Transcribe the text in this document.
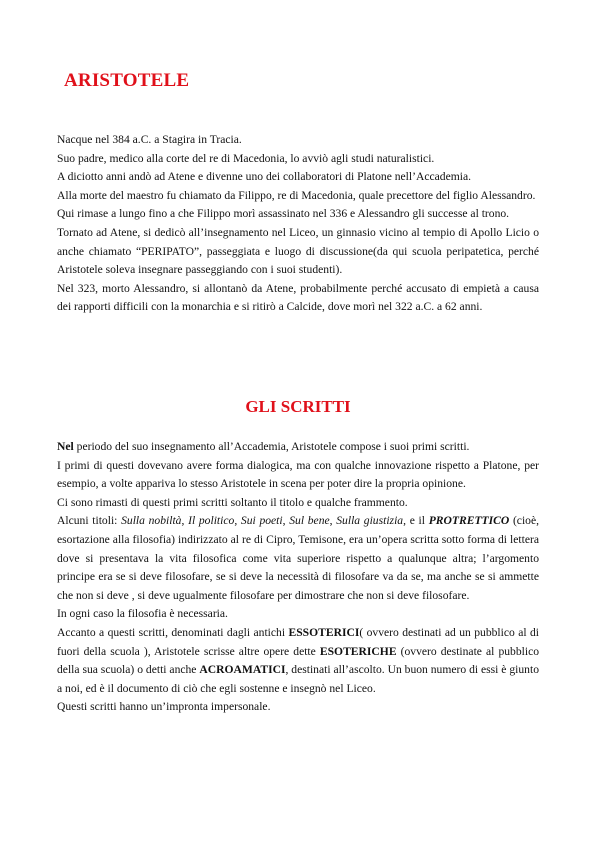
ARISTOTELE

Nacque nel 384 a.C. a Stagira in Tracia.

Suo padre, medico alla corte del re di Macedonia, lo avviò agli studi naturalistici.

A diciotto anni andò ad Atene e divenne uno dei collaboratori di Platone nell’Accademia.

Alla morte del maestro fu chiamato da Filippo, re di Macedonia, quale precettore del figlio Alessandro.

Qui rimase a lungo fino a che Filippo morì assassinato nel 336 e Alessandro gli successe al trono.

Tornato ad Atene, si dedicò all’insegnamento nel Liceo, un ginnasio vicino al tempio di Apollo Licio o anche chiamato “PERIPATO”, passeggiata e luogo di discussione(da qui scuola peripatetica, perché Aristotele soleva insegnare passeggiando con i suoi studenti).

Nel 323, morto Alessandro, si allontanò da Atene, probabilmente perché accusato di empietà a causa dei rapporti difficili con la monarchia e si ritirò a Calcide, dove morì nel 322 a.C. a 62 anni.

GLI SCRITTI

Nel periodo del suo insegnamento all’Accademia, Aristotele compose i suoi primi scritti.

I primi di questi dovevano avere forma dialogica, ma con qualche innovazione rispetto a Platone, per esempio, a volte appariva lo stesso Aristotele in scena per poter dire la propria opinione.

Ci sono rimasti di questi primi scritti soltanto il titolo e qualche frammento.

Alcuni titoli: Sulla nobiltà, Il politico, Sui poeti, Sul bene, Sulla giustizia, e il PROTRETTICO (cioè, esortazione alla filosofia) indirizzato al re di Cipro, Temisone, era un’opera scritta sotto forma di lettera dove si presentava la vita filosofica come vita superiore rispetto a qualunque altra; l’argomento principe era se si deve filosofare, se si deve la necessità di filosofare va da se, ma anche se si ammette che non si deve , si deve ugualmente filosofare per dimostrare che non si deve filosofare.

In ogni caso la filosofia è necessaria.

Accanto a questi scritti, denominati dagli antichi ESSOTERICI( ovvero destinati ad un pubblico al di fuori della scuola ), Aristotele scrisse altre opere dette ESOTERICHE (ovvero destinate al pubblico della sua scuola) o detti anche ACROAMATICI, destinati all’ascolto. Un buon numero di essi è giunto a noi, ed è il documento di ciò che egli sostenne e insegnò nel Liceo.

Questi scritti hanno un’impronta impersonale.
